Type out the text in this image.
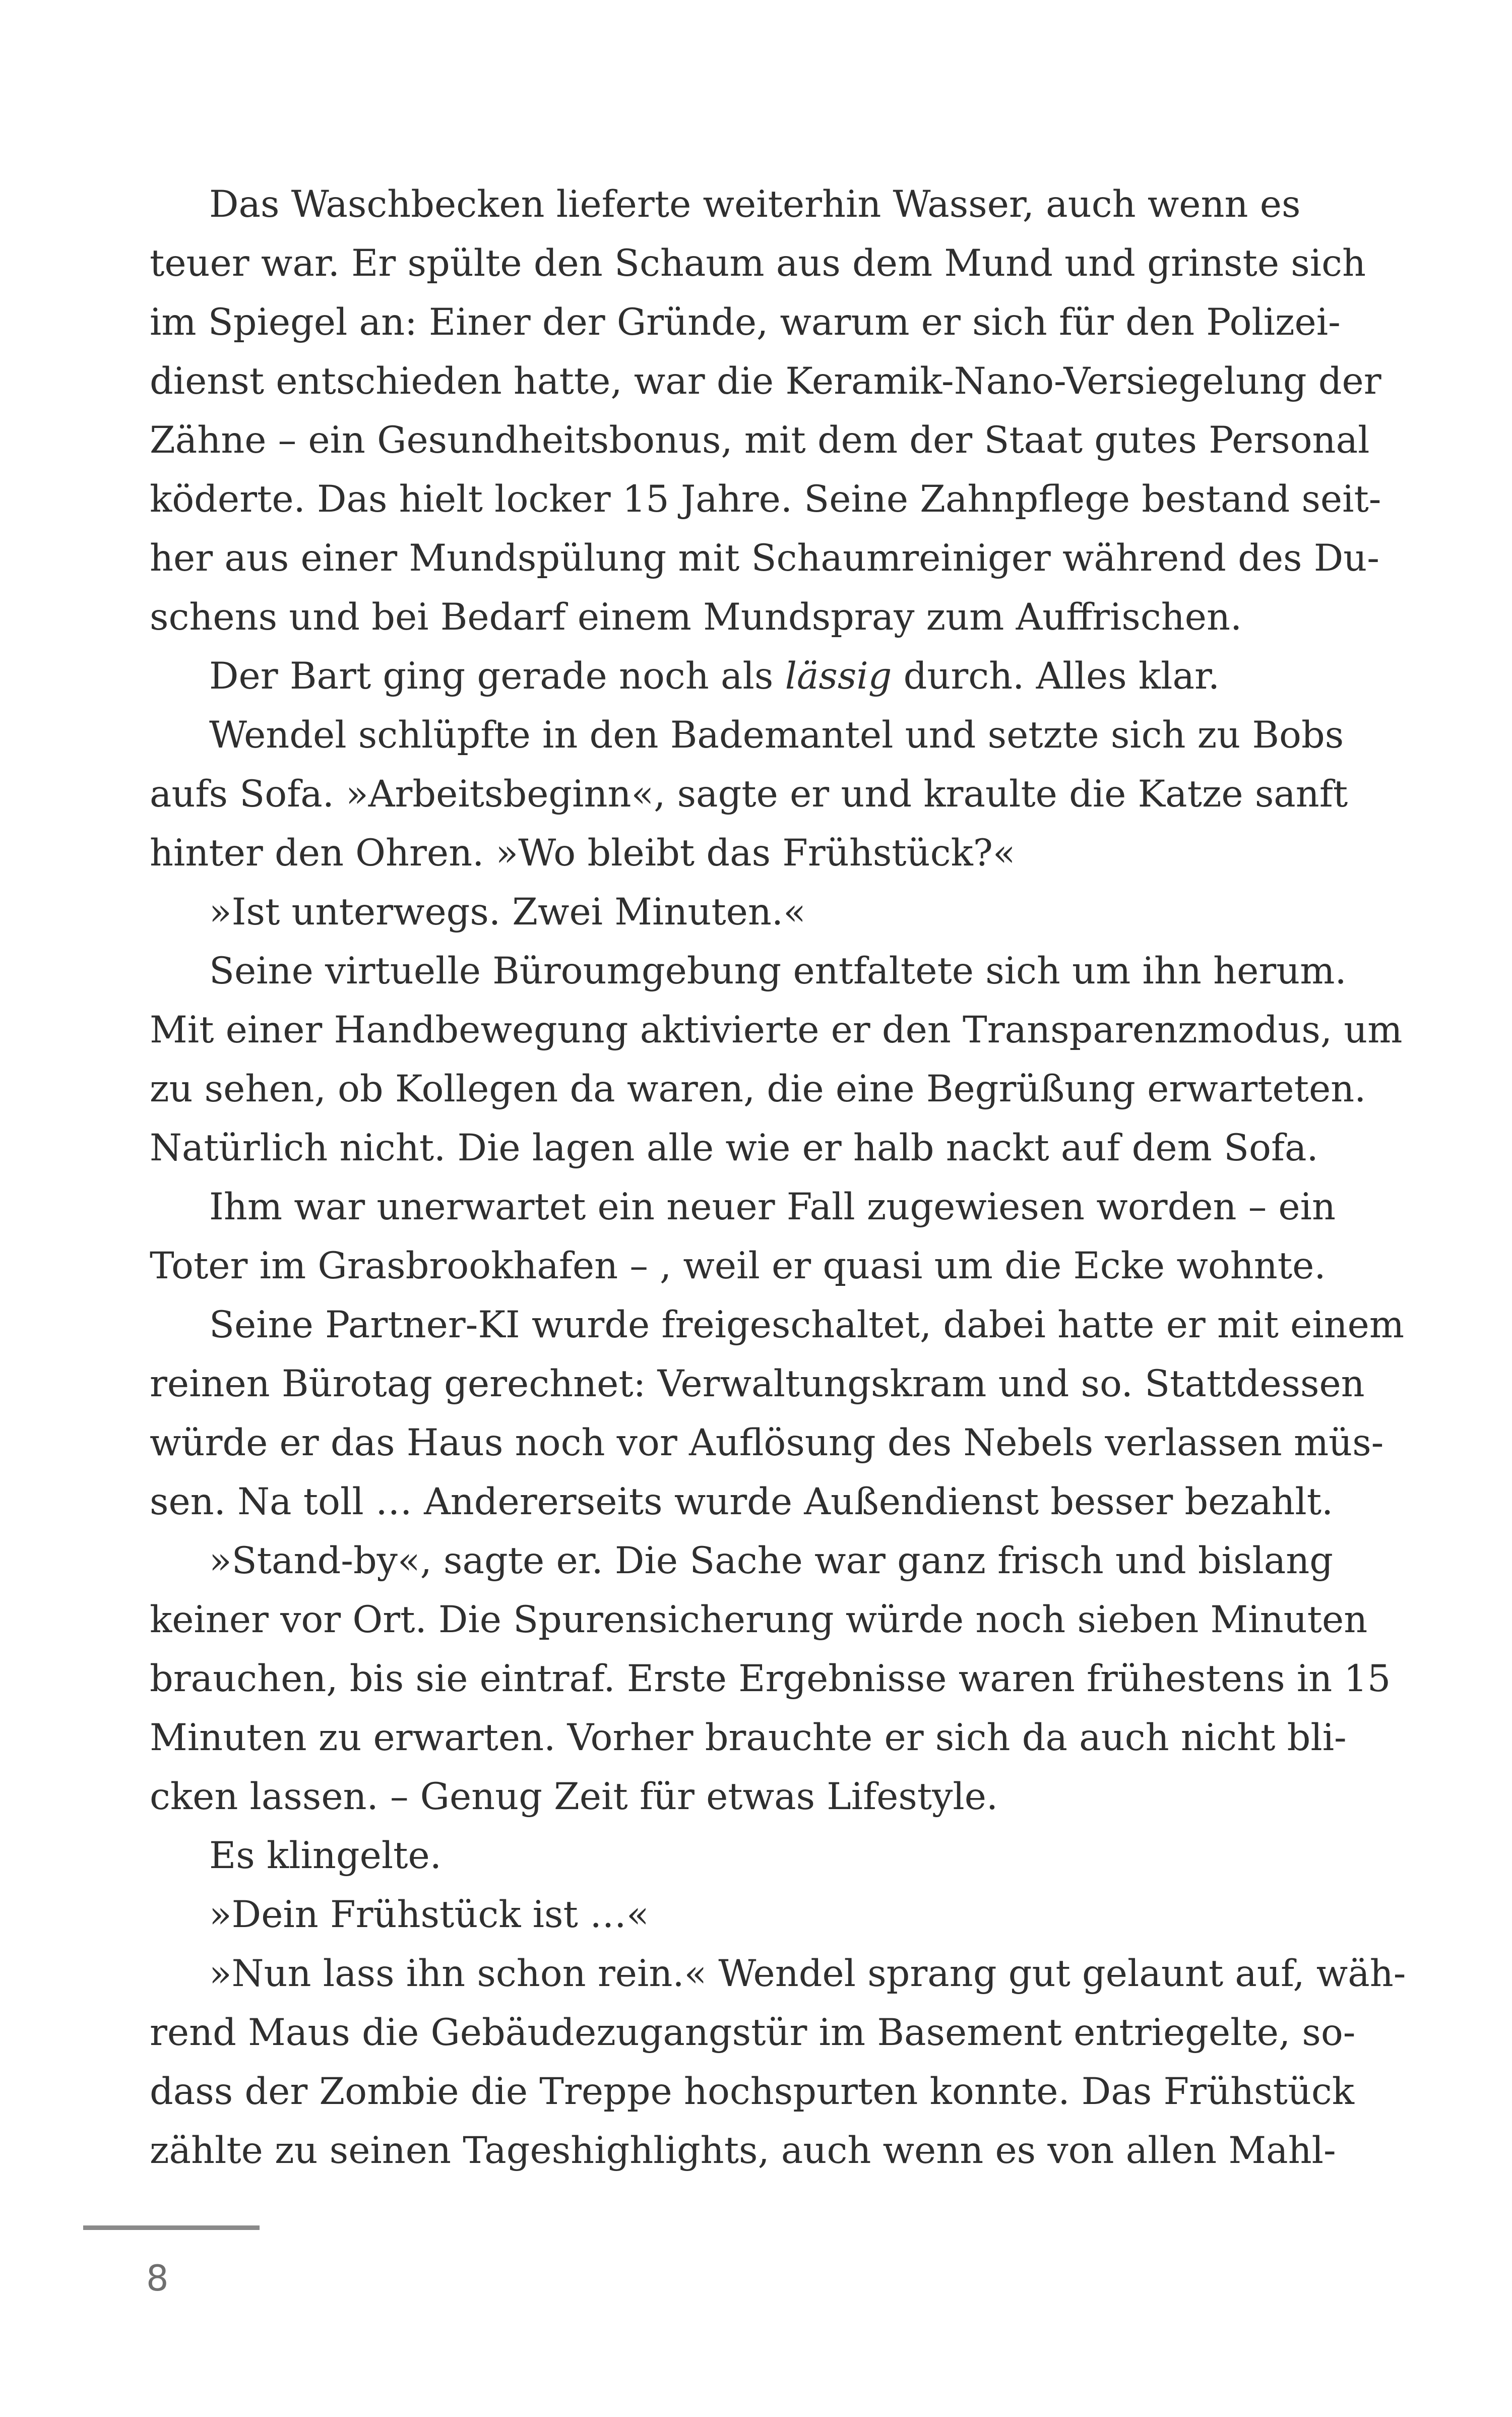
Das Waschbecken lieferte weiterhin Wasser, auch wenn es
teuer war. Er spülte den Schaum aus dem Mund und grinste sich
im Spiegel an: Einer der Gründe, warum er sich für den Polizei-
dienst entschieden hatte, war die Keramik-Nano-Versiegelung der
Zähne – ein Gesundheitsbonus, mit dem der Staat gutes Personal
köderte. Das hielt locker 15 Jahre. Seine Zahnpflege bestand seit-
her aus einer Mundspülung mit Schaumreiniger während des Du-
schens und bei Bedarf einem Mundspray zum Auffrischen.
Der Bart ging gerade noch als lässig durch. Alles klar.
Wendel schlüpfte in den Bademantel und setzte sich zu Bobs
aufs Sofa. »Arbeitsbeginn«, sagte er und kraulte die Katze sanft
hinter den Ohren. »Wo bleibt das Frühstück?«
»Ist unterwegs. Zwei Minuten.«
Seine virtuelle Büroumgebung entfaltete sich um ihn herum.
Mit einer Handbewegung aktivierte er den Transparenzmodus, um
zu sehen, ob Kollegen da waren, die eine Begrüßung erwarteten.
Natürlich nicht. Die lagen alle wie er halb nackt auf dem Sofa.
Ihm war unerwartet ein neuer Fall zugewiesen worden – ein
Toter im Grasbrookhafen – , weil er quasi um die Ecke wohnte.
Seine Partner-KI wurde freigeschaltet, dabei hatte er mit einem
reinen Bürotag gerechnet: Verwaltungskram und so. Stattdessen
würde er das Haus noch vor Auflösung des Nebels verlassen müs-
sen. Na toll … Andererseits wurde Außendienst besser bezahlt.
»Stand-by«, sagte er. Die Sache war ganz frisch und bislang
keiner vor Ort. Die Spurensicherung würde noch sieben Minuten
brauchen, bis sie eintraf. Erste Ergebnisse waren frühestens in 15
Minuten zu erwarten. Vorher brauchte er sich da auch nicht bli-
cken lassen. – Genug Zeit für etwas Lifestyle.
Es klingelte.
»Dein Frühstück ist …«
»Nun lass ihn schon rein.« Wendel sprang gut gelaunt auf, wäh-
rend Maus die Gebäudezugangstür im Basement entriegelte, so-
dass der Zombie die Treppe hochspurten konnte. Das Frühstück
zählte zu seinen Tageshighlights, auch wenn es von allen Mahl-
8
